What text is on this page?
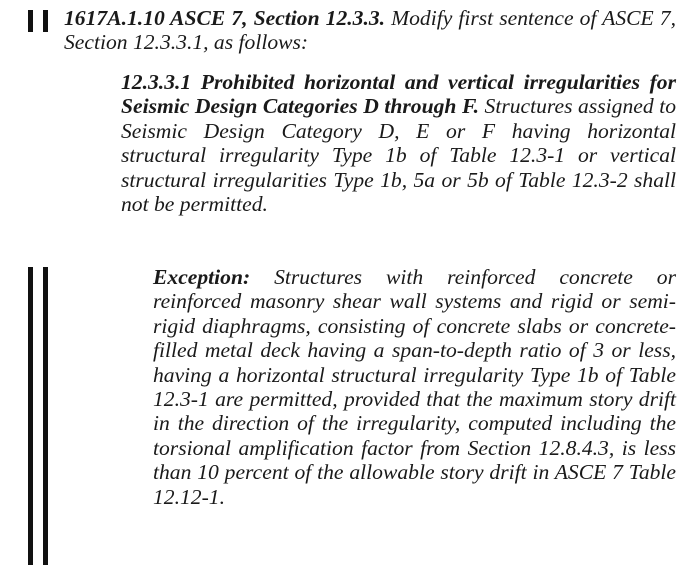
1617A.1.10 ASCE 7, Section 12.3.3. Modify first sentence of ASCE 7, Section 12.3.3.1, as follows:

12.3.3.1 Prohibited horizontal and vertical irregularities for Seismic Design Categories D through F. Structures assigned to Seismic Design Category D, E or F having horizontal structural irregularity Type 1b of Table 12.3-1 or vertical structural irregularities Type 1b, 5a or 5b of Table 12.3-2 shall not be permitted.

Exception: Structures with reinforced concrete or reinforced masonry shear wall systems and rigid or semi-rigid diaphragms, consisting of concrete slabs or concrete-filled metal deck having a span-to-depth ratio of 3 or less, having a horizontal structural irregularity Type 1b of Table 12.3-1 are permitted, provided that the maximum story drift in the direction of the irregularity, computed including the torsional amplification factor from Section 12.8.4.3, is less than 10 percent of the allowable story drift in ASCE 7 Table 12.12-1.
